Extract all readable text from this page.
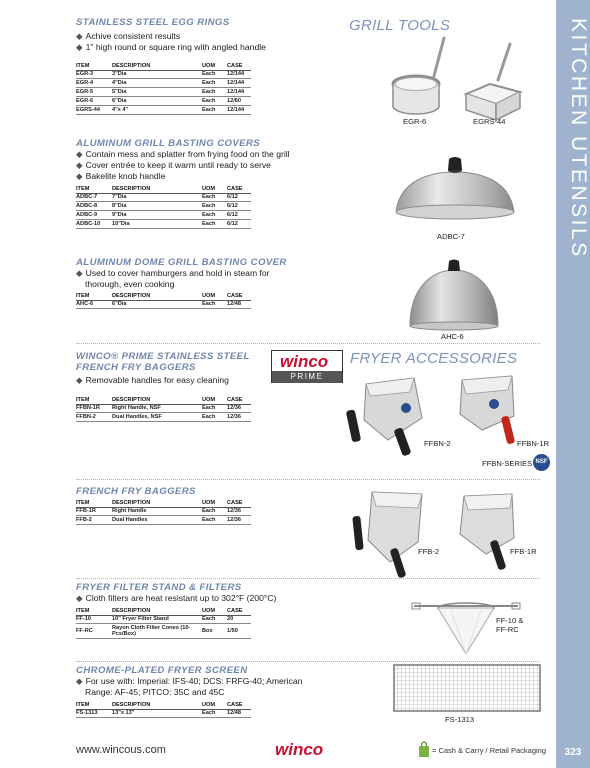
KITCHEN UTENSILS
STAINLESS STEEL EGG RINGS
◆ Achive consistent results
◆ 1" high round or square ring with angled handle
ITEM	DESCRIPTION	UOM	CASE
EGR-3	3"Dia	Each	12/144
EGR-4	4"Dia	Each	12/144
EGR-5	5"Dia	Each	12/144
EGR-6	6"Dia	Each	12/60
EGRS-44	4"x 4"	Each	12/144
GRILL TOOLS
EGR-6	EGRS-44
ALUMINUM GRILL BASTING COVERS
◆ Contain mess and splatter from frying food on the grill
◆ Cover entrée to keep it warm until ready to serve
◆ Bakelite knob handle
ITEM	DESCRIPTION	UOM	CASE
ADBC-7	7"Dia	Each	6/12
ADBC-8	8"Dia	Each	6/12
ADBC-9	9"Dia	Each	6/12
ADBC-10	10"Dia	Each	6/12
ADBC-7
ALUMINUM DOME GRILL BASTING COVER
◆ Used to cover hamburgers and hold in steam for
thorough, even cooking
ITEM	DESCRIPTION	UOM	CASE
AHC-6	6"Dia	Each	12/48
AHC-6
WINCO® PRIME STAINLESS STEEL
FRENCH FRY BAGGERS
◆ Removable handles for easy cleaning
ITEM	DESCRIPTION	UOM	CASE
FFBN-1R	Right Handle, NSF	Each	12/36
FFBN-2	Dual Handles, NSF	Each	12/36
winco
PRIME
FRYER ACCESSORIES
FFBN-2	FFBN-1R
FFBN-SERIES NSF
FRENCH FRY BAGGERS
ITEM	DESCRIPTION	UOM	CASE
FFB-1R	Right Handle	Each	12/36
FFB-2	Dual Handles	Each	12/36
FFB-2	FFB-1R
FRYER FILTER STAND & FILTERS
◆ Cloth filters are heat resistant up to 302°F (200°C)
ITEM	DESCRIPTION	UOM	CASE
FF-10	10" Fryer Filter Stand	Each	20
FF-RC	Rayon Cloth Filter Cones (10-Pcs/Box)	Box	1/50
FF-10 &
FF-RC
CHROME-PLATED FRYER SCREEN
◆ For use with: Imperial: IFS-40; DCS: FRFG-40; American
Range: AF-45; PITCO: 35C and 45C
ITEM	DESCRIPTION	UOM	CASE
FS-1313	13"x 13"	Each	12/48
FS-1313
www.wincous.com	winco	= Cash & Carry / Retail Packaging	323
